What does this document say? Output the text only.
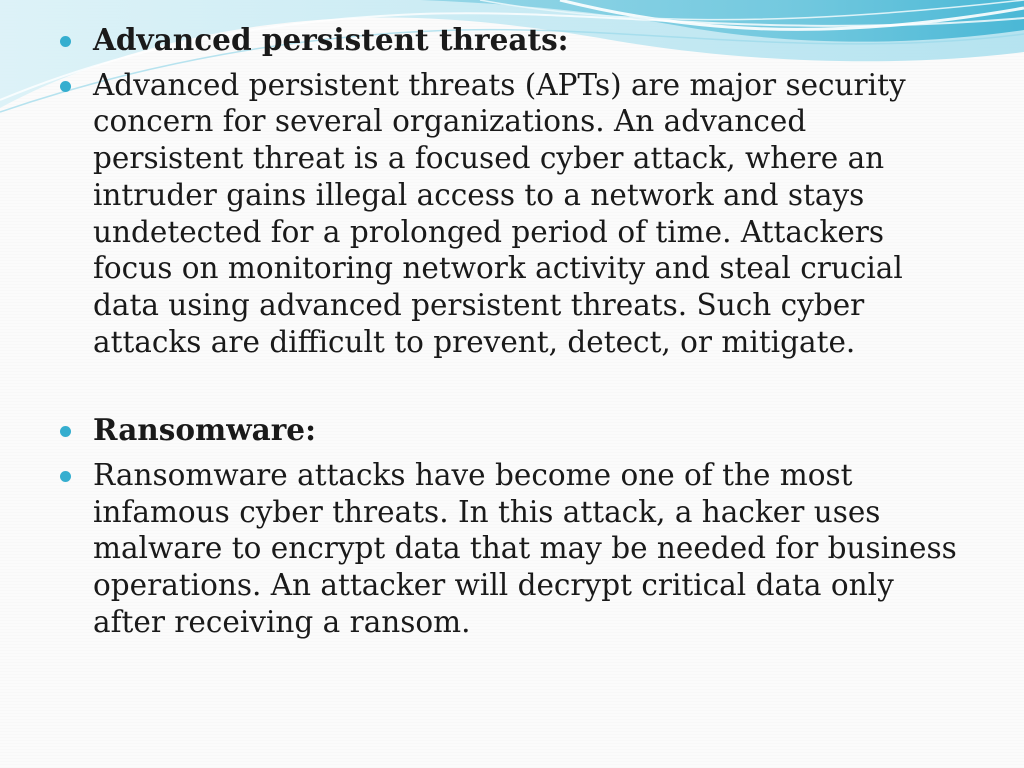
Advanced persistent threats:
Advanced persistent threats (APTs) are major security concern for several organizations. An advanced persistent threat is a focused cyber attack, where an intruder gains illegal access to a network and stays undetected for a prolonged period of time. Attackers focus on monitoring network activity and steal crucial data using advanced persistent threats. Such cyber attacks are difficult to prevent, detect, or mitigate.
Ransomware:
Ransomware attacks have become one of the most infamous cyber threats. In this attack, a hacker uses malware to encrypt data that may be needed for business operations. An attacker will decrypt critical data only after receiving a ransom.
